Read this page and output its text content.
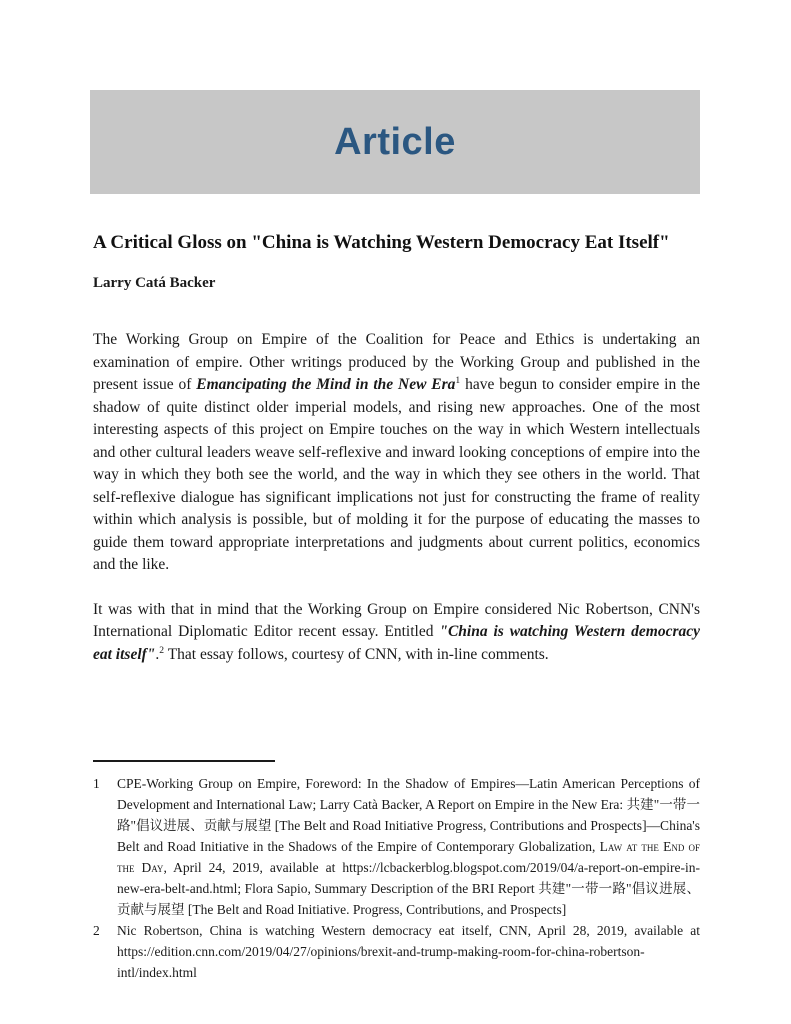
Article
A Critical Gloss on "China is Watching Western Democracy Eat Itself"
Larry Catá Backer

The Working Group on Empire of the Coalition for Peace and Ethics is undertaking an examination of empire. Other writings produced by the Working Group and published in the present issue of Emancipating the Mind in the New Era$^1$ have begun to consider empire in the shadow of quite distinct older imperial models, and rising new approaches. One of the most interesting aspects of this project on Empire touches on the way in which Western intellectuals and other cultural leaders weave self-reflexive and inward looking conceptions of empire into the way in which they both see the world, and the way in which they see others in the world. That self-reflexive dialogue has significant implications not just for constructing the frame of reality within which analysis is possible, but of molding it for the purpose of educating the masses to guide them toward appropriate interpretations and judgments about current politics, economics and the like.

It was with that in mind that the Working Group on Empire considered Nic Robertson, CNN's International Diplomatic Editor recent essay. Entitled "China is watching Western democracy eat itself".$^2$ That essay follows, courtesy of CNN, with in-line comments.

1	CPE-Working Group on Empire, Foreword: In the Shadow of Empires—Latin American Perceptions of Development and International Law; Larry Catà Backer, A Report on Empire in the New Era: 共建"一带一路"倡议进展、贡献与展望 [The Belt and Road Initiative Progress, Contributions and Prospects]—China's Belt and Road Initiative in the Shadows of the Empire of Contemporary Globalization, Law at the End of the Day, April 24, 2019, available at https://lcbackerblog.blogspot.com/2019/04/a-report-on-empire-in-new-era-belt-and.html; Flora Sapio, Summary Description of the BRI Report 共建"一带一路"倡议进展、贡献与展望 [The Belt and Road Initiative. Progress, Contributions, and Prospects]
2	Nic Robertson, China is watching Western democracy eat itself, CNN, April 28, 2019, available at https://edition.cnn.com/2019/04/27/opinions/brexit-and-trump-making-room-for-china-robertson-intl/index.html
